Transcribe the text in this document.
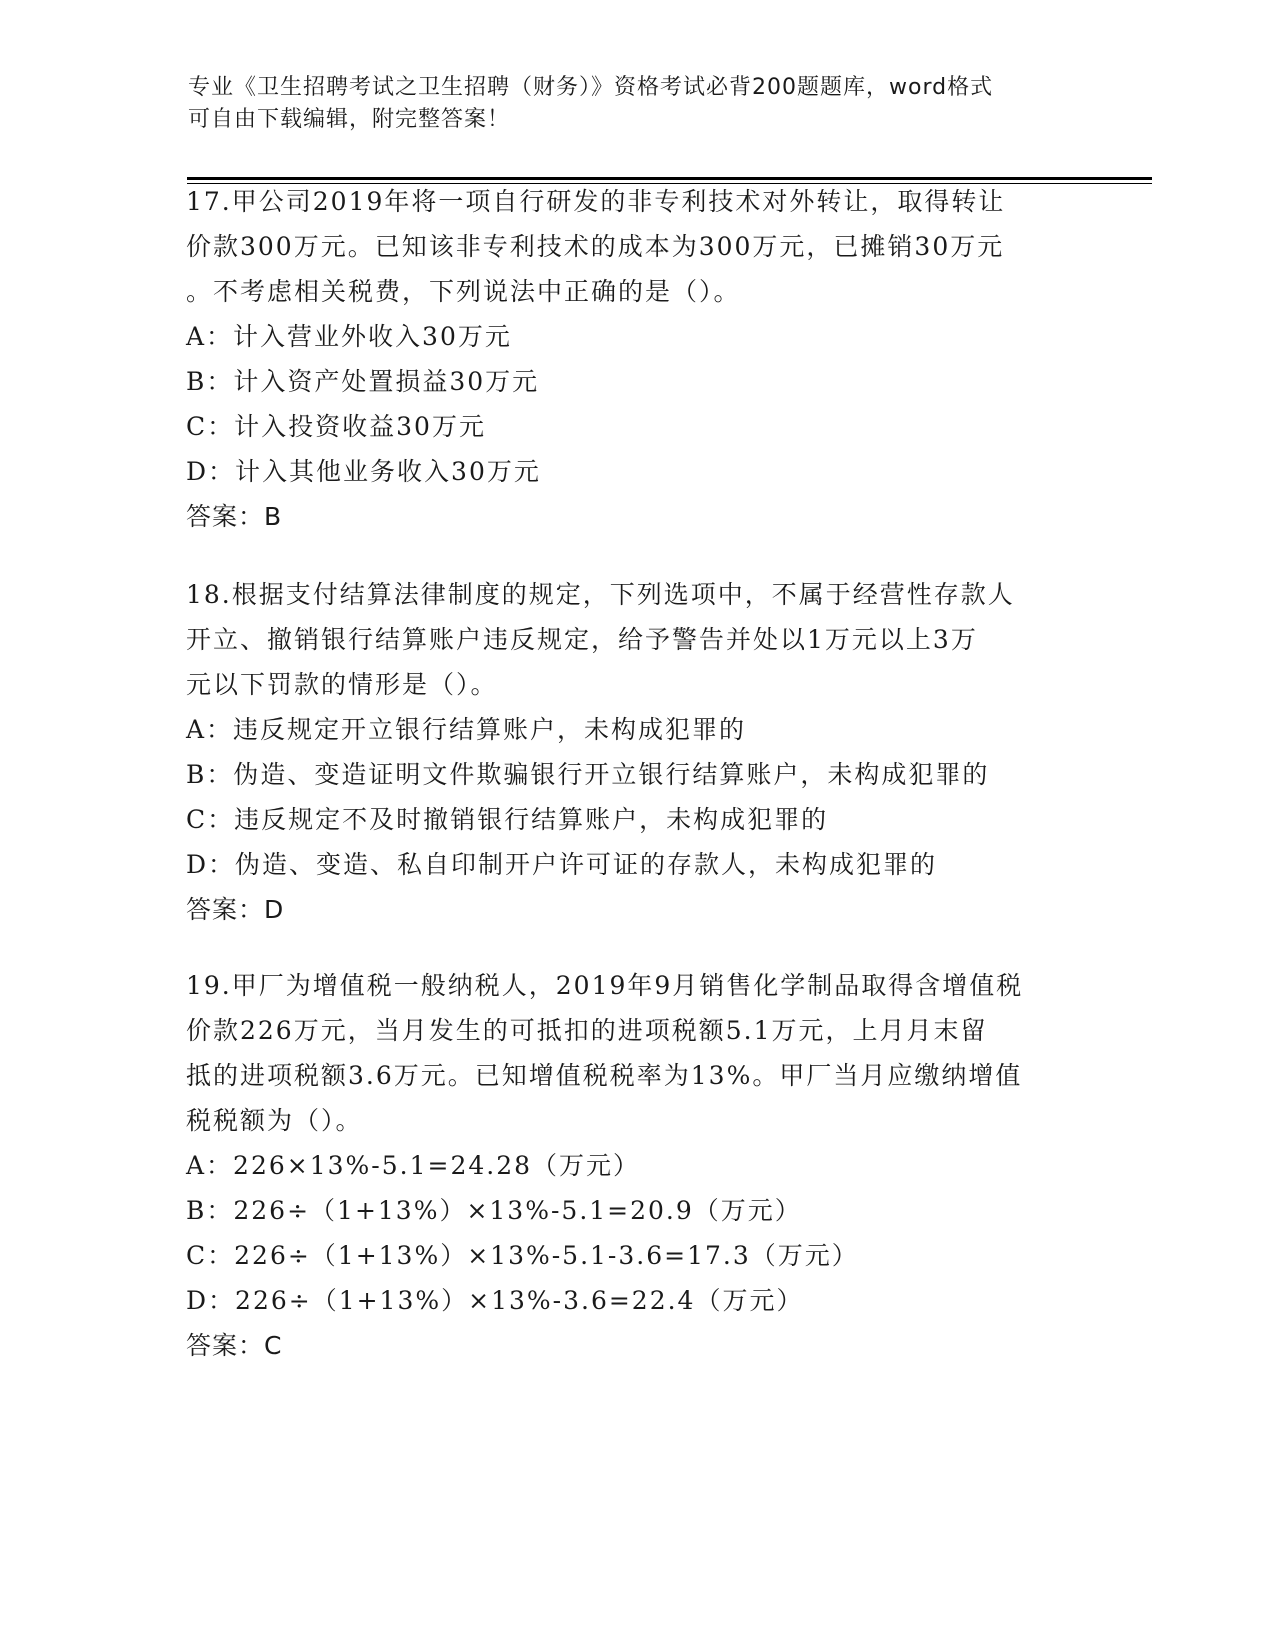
专业《卫生招聘考试之卫生招聘（财务）》资格考试必背200题题库，word格式
可自由下载编辑，附完整答案！
17.甲公司2019年将一项自行研发的非专利技术对外转让，取得转让
价款300万元。已知该非专利技术的成本为300万元，已摊销30万元
。不考虑相关税费，下列说法中正确的是（）。
A：计入营业外收入30万元
B：计入资产处置损益30万元
C：计入投资收益30万元
D：计入其他业务收入30万元
答案：B
18.根据支付结算法律制度的规定，下列选项中，不属于经营性存款人
开立、撤销银行结算账户违反规定，给予警告并处以1万元以上3万
元以下罚款的情形是（）。
A：违反规定开立银行结算账户，未构成犯罪的
B：伪造、变造证明文件欺骗银行开立银行结算账户，未构成犯罪的
C：违反规定不及时撤销银行结算账户，未构成犯罪的
D：伪造、变造、私自印制开户许可证的存款人，未构成犯罪的
答案：D
19.甲厂为增值税一般纳税人，2019年9月销售化学制品取得含增值税
价款226万元，当月发生的可抵扣的进项税额5.1万元，上月月末留
抵的进项税额3.6万元。已知增值税税率为13%。甲厂当月应缴纳增值
税税额为（）。
A：226×13%-5.1=24.28（万元）
B：226÷（1+13%）×13%-5.1=20.9（万元）
C：226÷（1+13%）×13%-5.1-3.6=17.3（万元）
D：226÷（1+13%）×13%-3.6=22.4（万元）
答案：C
